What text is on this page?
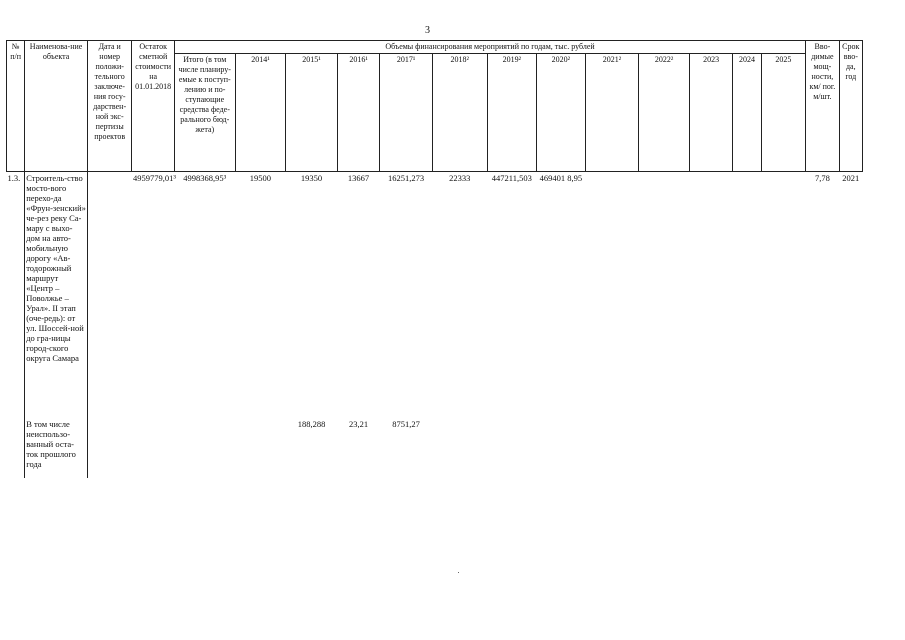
3
№ п/п	Наименова-ние объекта	Дата и номер положи-тельного заключе-ния госу-дарствен-ной экс-пертизы проектов	Остаток сметной стоимости на 01.01.2018	Объемы финансирования мероприятий по годам, тыс. рублей													Вво-димые мощ-ности, км/ пог. м/шт.	Срок вво-да, год
				Итого (в том числе планиру-емые к поступ-лению и по-ступающие средства феде-рального бюд-жета)	2014¹	2015¹	2016¹	2017¹	2018²	2019²	2020²	2021²	2022²	2023	2024	2025		
1.3.	Строитель-ство мосто-вого перехо-да «Фрун-зенский» че-рез реку Са-мару с выхо-дом на авто-мобильную дорогу «Ав-тодорожный маршрут «Центр – Поволжье – Урал». II этап (оче-редь): от ул. Шоссей-ной до гра-ницы город-ского округа Самара		4959779,01³	4998368,95³	19500	19350	13667	16251,273	22333	447211,503	469401 8,95						7,78	2021
	В том числе неиспользо-ванный оста-ток прошлого года					188,288	23,21	8751,27										
